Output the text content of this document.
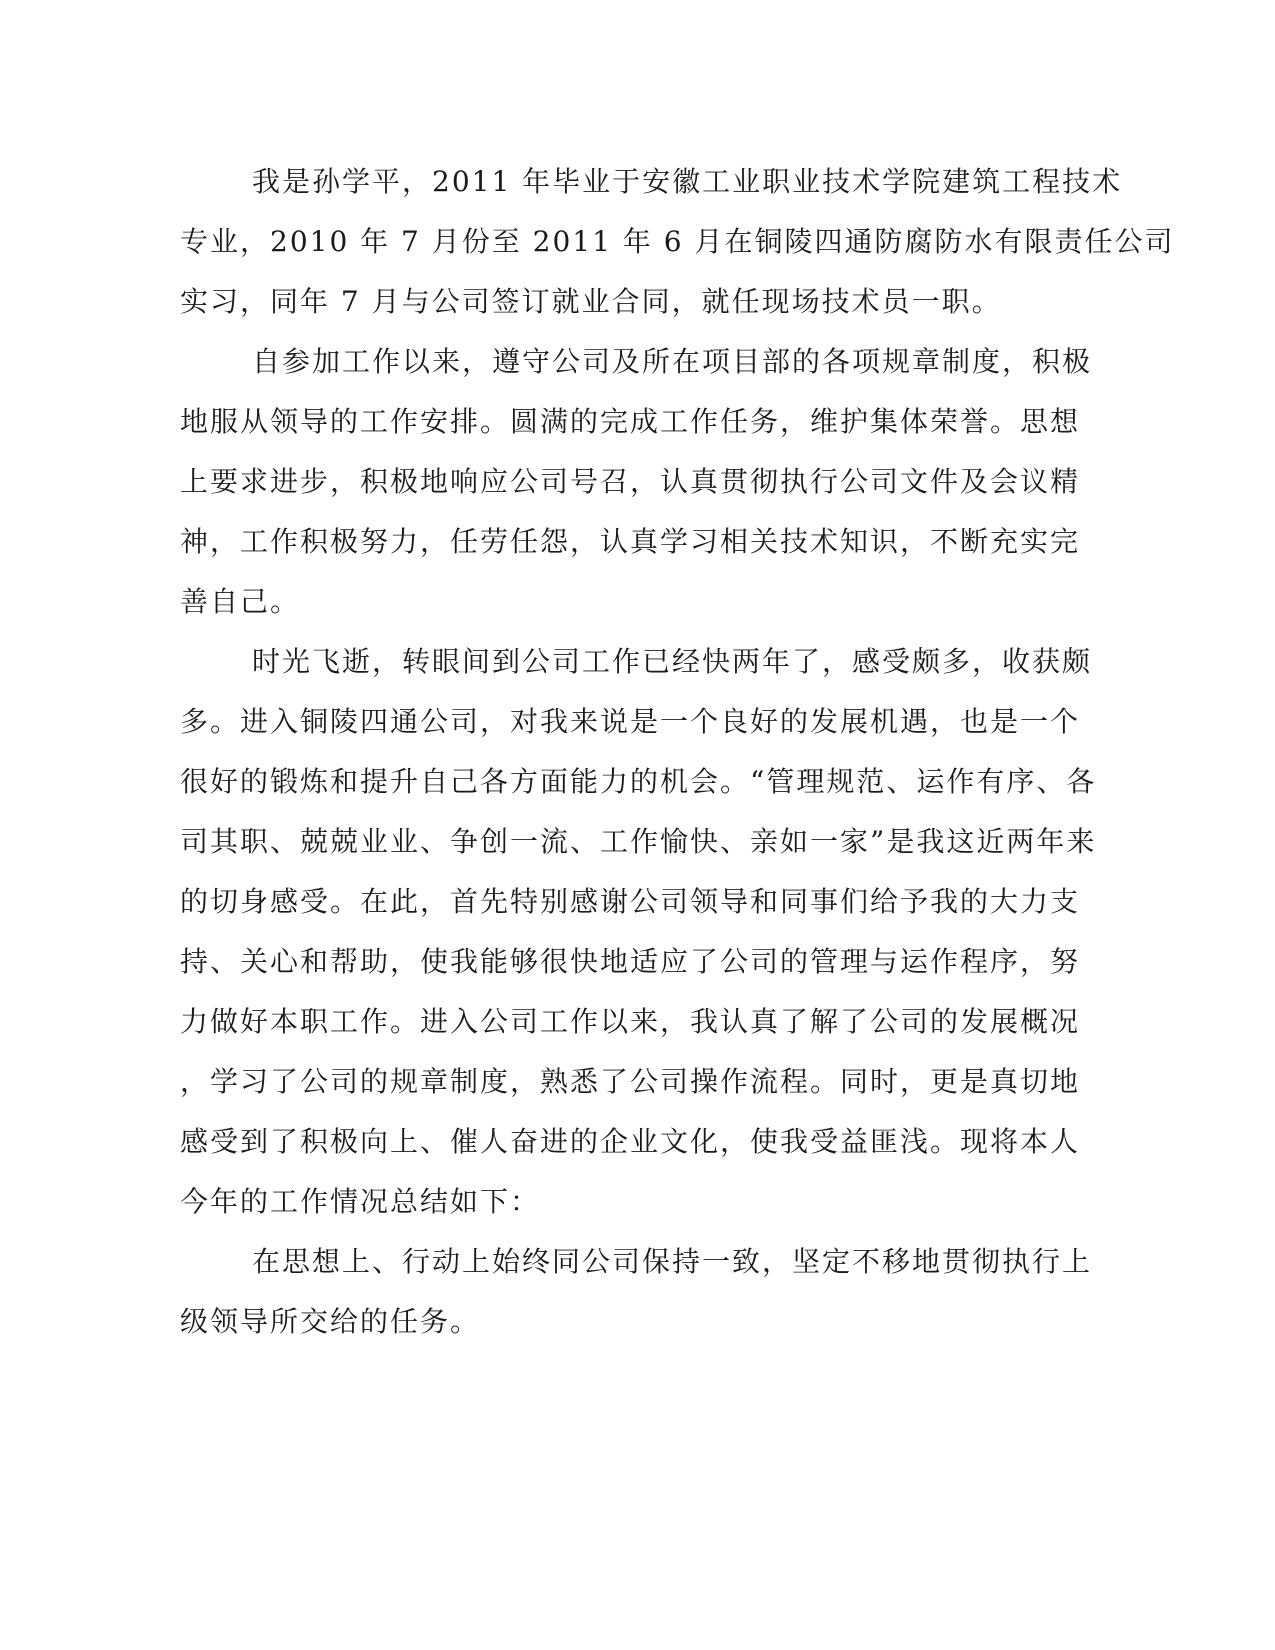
我是孙学平，2011 年毕业于安徽工业职业技术学院建筑工程技术
专业，2010 年 7 月份至 2011 年 6 月在铜陵四通防腐防水有限责任公司
实习，同年 7 月与公司签订就业合同，就任现场技术员一职。
自参加工作以来，遵守公司及所在项目部的各项规章制度，积极
地服从领导的工作安排。圆满的完成工作任务，维护集体荣誉。思想
上要求进步，积极地响应公司号召，认真贯彻执行公司文件及会议精
神，工作积极努力，任劳任怨，认真学习相关技术知识，不断充实完
善自己。
时光飞逝，转眼间到公司工作已经快两年了，感受颇多，收获颇
多。进入铜陵四通公司，对我来说是一个良好的发展机遇，也是一个
很好的锻炼和提升自己各方面能力的机会。“管理规范、运作有序、各
司其职、兢兢业业、争创一流、工作愉快、亲如一家”是我这近两年来
的切身感受。在此，首先特别感谢公司领导和同事们给予我的大力支
持、关心和帮助，使我能够很快地适应了公司的管理与运作程序，努
力做好本职工作。进入公司工作以来，我认真了解了公司的发展概况
，学习了公司的规章制度，熟悉了公司操作流程。同时，更是真切地
感受到了积极向上、催人奋进的企业文化，使我受益匪浅。现将本人
今年的工作情况总结如下：
在思想上、行动上始终同公司保持一致，坚定不移地贯彻执行上
级领导所交给的任务。
